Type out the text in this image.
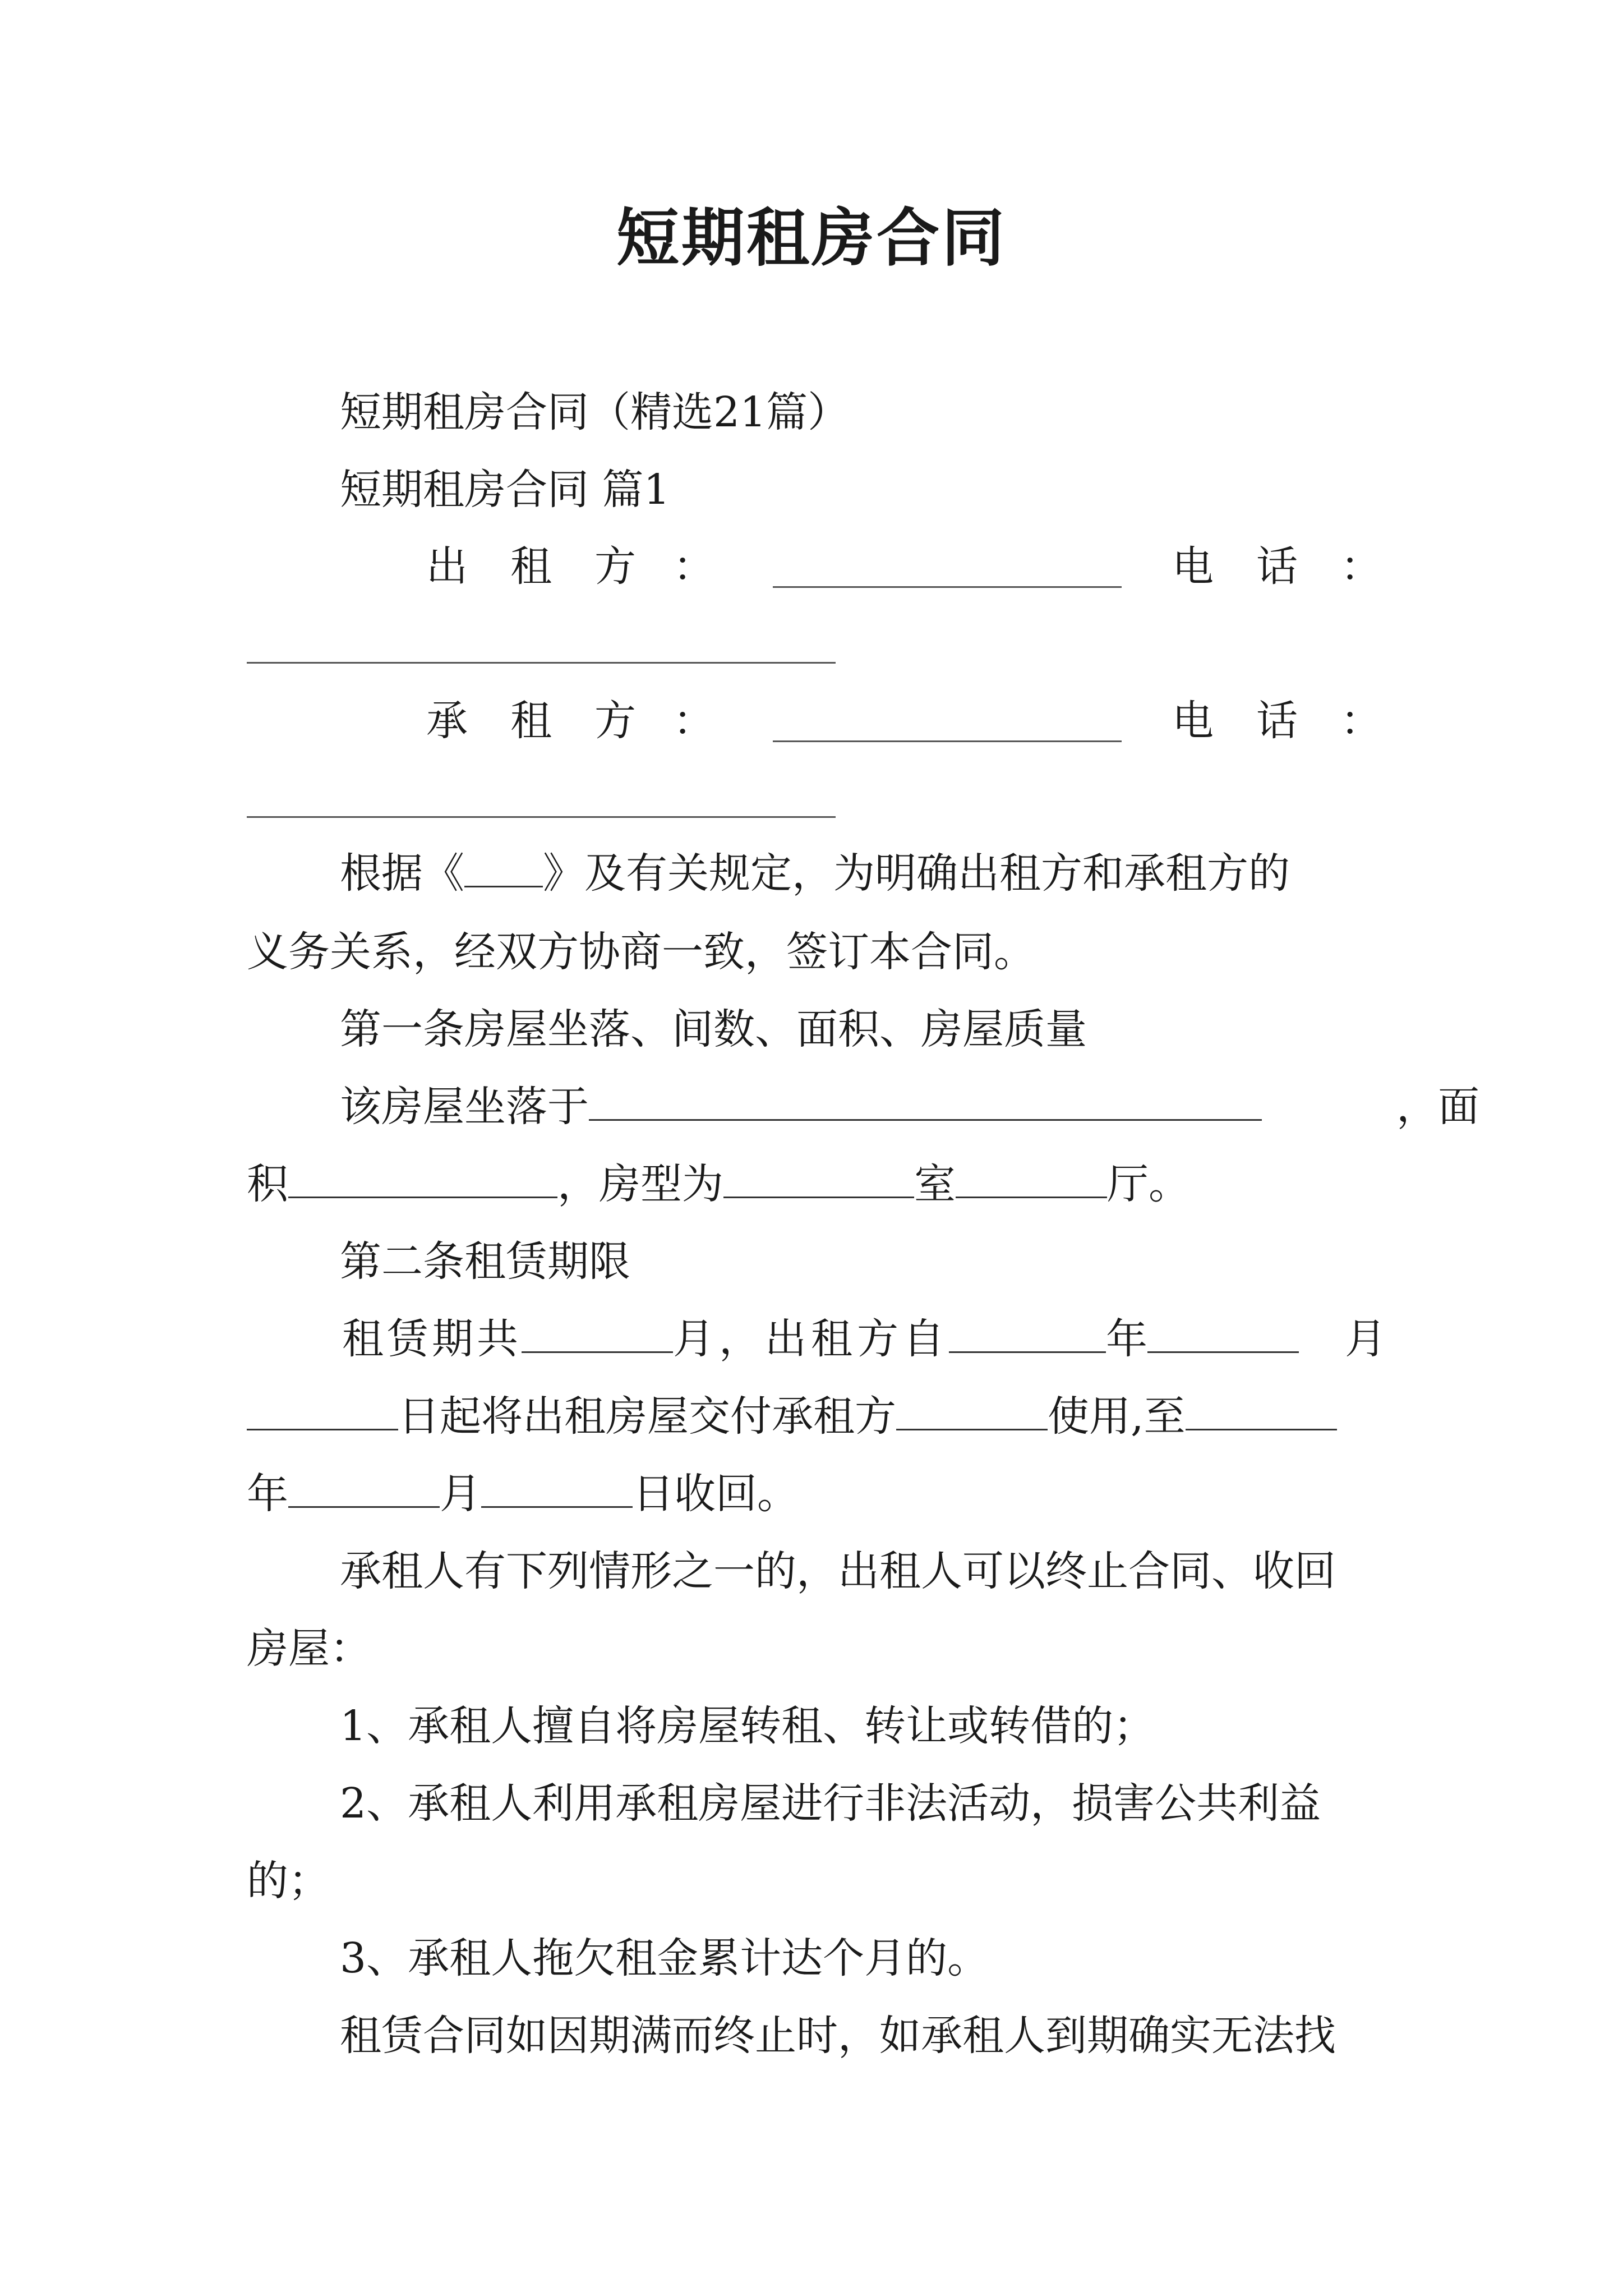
短期租房合同
短期租房合同（精选21篇）
短期租房合同 篇1
出 租 方 ：	电 话 ：
承 租 方 ：	电 话 ：
根据《 》及有关规定，为明确出租方和承租方的
义务关系，经双方协商一致，签订本合同。
第一条房屋坐落、间数、面积、房屋质量
该房屋坐落于	，面
积	，房型为	室	厅。
第二条租赁期限
租赁期共	月，出租方自	年	月
日起将出租房屋交付承租方	使用,至
年	月	日收回。
承租人有下列情形之一的，出租人可以终止合同、收回
房屋：
1、承租人擅自将房屋转租、转让或转借的；
2、承租人利用承租房屋进行非法活动，损害公共利益
的；
3、承租人拖欠租金累计达个月的。
租赁合同如因期满而终止时，如承租人到期确实无法找
